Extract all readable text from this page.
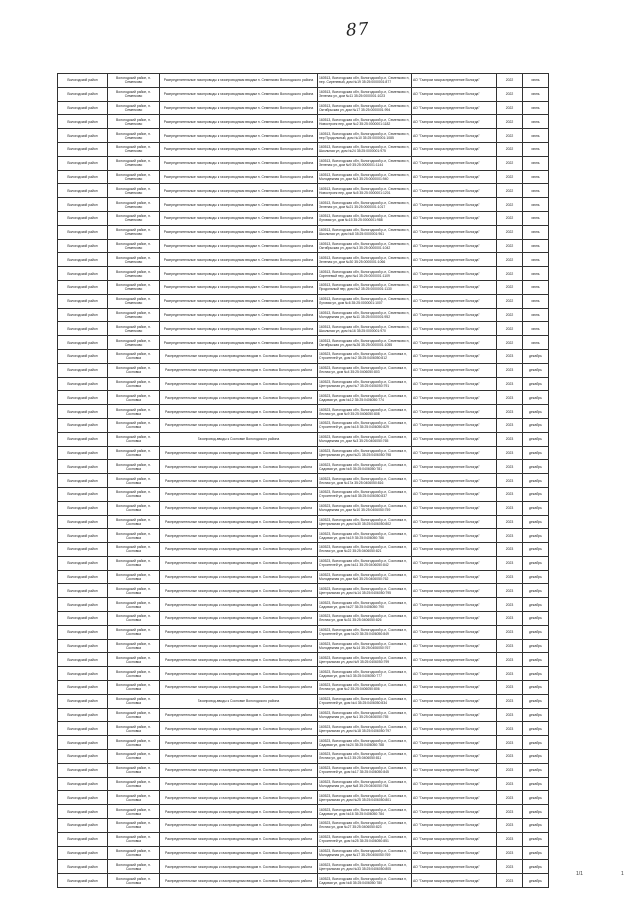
87
Вологодский район	Вологодский район, п. Семенково	Распределительные газопроводы к газопроводным вводам п. Семенково Вологодского района	160513, Вологодская обл, Вологодский р-н, Семенково п, пер. Сиреневый, дом №19 35:25:0000001:877	АО "Газпром газораспределение Вологда"	2022	июнь
Вологодский район	Вологодский район, п. Семенково	Распределительные газопроводы к газопроводным вводам п. Семенково Вологодского района	160513, Вологодская обл, Вологодский р-н, Семенково п, Зеленая ул, дом №11 35:25:0000001:1023	АО "Газпром газораспределение Вологда"	2022	июнь
Вологодский район	Вологодский район, п. Семенково	Распределительные газопроводы к газопроводным вводам п. Семенково Вологодского района	160513, Вологодская обл, Вологодский р-н, Семенково п, Октябрьская ул, дом №17 35:25:0000001:994	АО "Газпром газораспределение Вологда"	2022	июнь
Вологодский район	Вологодский район, п. Семенково	Распределительные газопроводы к газопроводным вводам п. Семенково Вологодского района	160513, Вологодская обл, Вологодский р-н, Семенково п, Новостроек пер, дом №2 35:25:0000001:1182	АО "Газпром газораспределение Вологда"	2022	июнь
Вологодский район	Вологодский район, п. Семенково	Распределительные газопроводы к газопроводным вводам п. Семенково Вологодского района	160513, Вологодская обл, Вологодский р-н, Семенково п, пер Продольный, дом №10 35:25:0000001:1085	АО "Газпром газораспределение Вологда"	2022	июнь
Вологодский район	Вологодский район, п. Семенково	Распределительные газопроводы к газопроводным вводам п. Семенково Вологодского района	160513, Вологодская обл, Вологодский р-н, Семенково п, Школьная ул, дом №24 35:25:0000001:975	АО "Газпром газораспределение Вологда"	2022	июнь
Вологодский район	Вологодский район, п. Семенково	Распределительные газопроводы к газопроводным вводам п. Семенково Вологодского района	160513, Вологодская обл, Вологодский р-н, Семенково п, Зеленая ул, дом №9 35:25:0000001:1144	АО "Газпром газораспределение Вологда"	2022	июнь
Вологодский район	Вологодский район, п. Семенково	Распределительные газопроводы к газопроводным вводам п. Семенково Вологодского района	160513, Вологодская обл, Вологодский р-н, Семенково п, Молодежная ул, дом №3 35:25:0000001:940	АО "Газпром газораспределение Вологда"	2022	июнь
Вологодский район	Вологодский район, п. Семенково	Распределительные газопроводы к газопроводным вводам п. Семенково Вологодского района	160513, Вологодская обл, Вологодский р-н, Семенково п, Новостроек пер, дом №5 35:25:0000001:1201	АО "Газпром газораспределение Вологда"	2022	июнь
Вологодский район	Вологодский район, п. Семенково	Распределительные газопроводы к газопроводным вводам п. Семенково Вологодского района	160513, Вологодская обл, Вологодский р-н, Семенково п, Зеленая ул, дом №21 35:25:0000001:1017	АО "Газпром газораспределение Вологда"	2022	июнь
Вологодский район	Вологодский район, п. Семенково	Распределительные газопроводы к газопроводным вводам п. Семенково Вологодского района	160513, Вологодская обл, Вологодский р-н, Семенково п, Луговая ул, дом №15 35:25:0000001:988	АО "Газпром газораспределение Вологда"	2022	июнь
Вологодский район	Вологодский район, п. Семенково	Распределительные газопроводы к газопроводным вводам п. Семенково Вологодского района	160513, Вологодская обл, Вологодский р-н, Семенково п, Школьная ул, дом №8 35:25:0000001:961	АО "Газпром газораспределение Вологда"	2022	июнь
Вологодский район	Вологодский район, п. Семенково	Распределительные газопроводы к газопроводным вводам п. Семенково Вологодского района	160513, Вологодская обл, Вологодский р-н, Семенково п, Октябрьская ул, дом №3 35:25:0000001:1042	АО "Газпром газораспределение Вологда"	2022	июнь
Вологодский район	Вологодский район, п. Семенково	Распределительные газопроводы к газопроводным вводам п. Семенково Вологодского района	160513, Вологодская обл, Вологодский р-н, Семенково п, Зеленая ул, дом №30 35:25:0000001:1066	АО "Газпром газораспределение Вологда"	2022	июнь
Вологодский район	Вологодский район, п. Семенково	Распределительные газопроводы к газопроводным вводам п. Семенково Вологодского района	160513, Вологодская обл, Вологодский р-н, Семенково п, Сиреневый пер, дом №4 35:25:0000001:1109	АО "Газпром газораспределение Вологда"	2022	июнь
Вологодский район	Вологодский район, п. Семенково	Распределительные газопроводы к газопроводным вводам п. Семенково Вологодского района	160513, Вологодская обл, Вологодский р-н, Семенково п, Продольный пер, дом №2 35:25:0000001:1130	АО "Газпром газораспределение Вологда"	2022	июнь
Вологодский район	Вологодский район, п. Семенково	Распределительные газопроводы к газопроводным вводам п. Семенково Вологодского района	160513, Вологодская обл, Вологодский р-н, Семенково п, Луговая ул, дом №6 35:25:0000001:1007	АО "Газпром газораспределение Вологда"	2022	июнь
Вологодский район	Вологодский район, п. Семенково	Распределительные газопроводы к газопроводным вводам п. Семенково Вологодского района	160513, Вологодская обл, Вологодский р-н, Семенково п, Молодежная ул, дом №11 35:25:0000001:952	АО "Газпром газораспределение Вологда"	2022	июнь
Вологодский район	Вологодский район, п. Семенково	Распределительные газопроводы к газопроводным вводам п. Семенково Вологодского района	160513, Вологодская обл, Вологодский р-н, Семенково п, Школьная ул, дом №16 35:25:0000001:970	АО "Газпром газораспределение Вологда"	2022	июнь
Вологодский район	Вологодский район, п. Семенково	Распределительные газопроводы к газопроводным вводам п. Семенково Вологодского района	160513, Вологодская обл, Вологодский р-н, Семенково п, Октябрьская ул, дом №26 35:25:0000001:1055	АО "Газпром газораспределение Вологда"	2022	июнь
Вологодский район	Вологодский район, п. Сосновка	Распределительные газопроводы к газопроводным вводам п. Сосновка Вологодского района	160523, Вологодская обл, Вологодский р-н, Сосновка п, Строителей ул, дом №2 35:25:0406050:812	АО "Газпром газораспределение Вологда"	2023	декабрь
Вологодский район	Вологодский район, п. Сосновка	Распределительные газопроводы к газопроводным вводам п. Сосновка Вологодского района	160523, Вологодская обл, Вологодский р-н, Сосновка п, Лесная ул, дом №4 35:25:0406050:803	АО "Газпром газораспределение Вологда"	2023	декабрь
Вологодский район	Вологодский район, п. Сосновка	Распределительные газопроводы к газопроводным вводам п. Сосновка Вологодского района	160523, Вологодская обл, Вологодский р-н, Сосновка п, Центральная ул, дом №7 35:25:0406050:791	АО "Газпром газораспределение Вологда"	2023	декабрь
Вологодский район	Вологодский район, п. Сосновка	Распределительные газопроводы к газопроводным вводам п. Сосновка Вологодского района	160523, Вологодская обл, Вологодский р-н, Сосновка п, Садовая ул, дом №12 35:25:0406050:774	АО "Газпром газораспределение Вологда"	2023	декабрь
Вологодский район	Вологодский район, п. Сосновка	Распределительные газопроводы к газопроводным вводам п. Сосновка Вологодского района	160523, Вологодская обл, Вологодский р-н, Сосновка п, Лесная ул, дом №9 35:25:0406050:808	АО "Газпром газораспределение Вологда"	2023	декабрь
Вологодский район	Вологодский район, п. Сосновка	Распределительные газопроводы к газопроводным вводам п. Сосновка Вологодского района	160523, Вологодская обл, Вологодский р-н, Сосновка п, Строителей ул, дом №15 35:25:0406050:829	АО "Газпром газораспределение Вологда"	2023	декабрь
Вологодский район	Вологодский район, п. Сосновка	Газопровод-вводы к Сосновке Вологодского района	160523, Вологодская обл, Вологодский р-н, Сосновка п, Молодежная ул, дом №3 35:25:0406050:765	АО "Газпром газораспределение Вологда"	2023	декабрь
Вологодский район	Вологодский район, п. Сосновка	Распределительные газопроводы к газопроводным вводам п. Сосновка Вологодского района	160523, Вологодская обл, Вологодский р-н, Сосновка п, Центральная ул, дом №21 35:25:0406050:798	АО "Газпром газораспределение Вологда"	2023	декабрь
Вологодский район	Вологодский район, п. Сосновка	Распределительные газопроводы к газопроводным вводам п. Сосновка Вологодского района	160523, Вологодская обл, Вологодский р-н, Сосновка п, Садовая ул, дом №5 35:25:0406050:781	АО "Газпром газораспределение Вологда"	2023	декабрь
Вологодский район	Вологодский район, п. Сосновка	Распределительные газопроводы к газопроводным вводам п. Сосновка Вологодского района	160523, Вологодская обл, Вологодский р-н, Сосновка п, Лесная ул, дом №17а 35:25:0406050:816	АО "Газпром газораспределение Вологда"	2023	декабрь
Вологодский район	Вологодский район, п. Сосновка	Распределительные газопроводы к газопроводным вводам п. Сосновка Вологодского района	160523, Вологодская обл, Вологодский р-н, Сосновка п, Строителей ул, дом №8 35:25:0406050:837	АО "Газпром газораспределение Вологда"	2023	декабрь
Вологодский район	Вологодский район, п. Сосновка	Распределительные газопроводы к газопроводным вводам п. Сосновка Вологодского района	160523, Вологодская обл, Вологодский р-н, Сосновка п, Молодежная ул, дом №10 35:25:0406050:759	АО "Газпром газораспределение Вологда"	2023	декабрь
Вологодский район	Вологодский район, п. Сосновка	Распределительные газопроводы к газопроводным вводам п. Сосновка Вологодского района	160523, Вологодская обл, Вологодский р-н, Сосновка п, Центральная ул, дом №30 35:25:0406050:802	АО "Газпром газораспределение Вологда"	2023	декабрь
Вологодский район	Вологодский район, п. Сосновка	Распределительные газопроводы к газопроводным вводам п. Сосновка Вологодского района	160523, Вологодская обл, Вологодский р-н, Сосновка п, Садовая ул, дом №19 35:25:0406050:786	АО "Газпром газораспределение Вологда"	2023	декабрь
Вологодский район	Вологодский район, п. Сосновка	Распределительные газопроводы к газопроводным вводам п. Сосновка Вологодского района	160523, Вологодская обл, Вологодский р-н, Сосновка п, Лесная ул, дом №22 35:25:0406050:821	АО "Газпром газораспределение Вологда"	2023	декабрь
Вологодский район	Вологодский район, п. Сосновка	Распределительные газопроводы к газопроводным вводам п. Сосновка Вологодского района	160523, Вологодская обл, Вологодский р-н, Сосновка п, Строителей ул, дом №11 35:25:0406050:842	АО "Газпром газораспределение Вологда"	2023	декабрь
Вологодский район	Вологодский район, п. Сосновка	Распределительные газопроводы к газопроводным вводам п. Сосновка Вологодского района	160523, Вологодская обл, Вологодский р-н, Сосновка п, Молодежная ул, дом №6 35:25:0406050:762	АО "Газпром газораспределение Вологда"	2023	декабрь
Вологодский район	Вологодский район, п. Сосновка	Распределительные газопроводы к газопроводным вводам п. Сосновка Вологодского района	160523, Вологодская обл, Вологодский р-н, Сосновка п, Центральная ул, дом №14 35:25:0406050:795	АО "Газпром газораспределение Вологда"	2023	декабрь
Вологодский район	Вологодский район, п. Сосновка	Распределительные газопроводы к газопроводным вводам п. Сосновка Вологодского района	160523, Вологодская обл, Вологодский р-н, Сосновка п, Садовая ул, дом №27 35:25:0406050:790	АО "Газпром газораспределение Вологда"	2023	декабрь
Вологодский район	Вологодский район, п. Сосновка	Распределительные газопроводы к газопроводным вводам п. Сосновка Вологодского района	160523, Вологодская обл, Вологодский р-н, Сосновка п, Лесная ул, дом №31 35:25:0406050:826	АО "Газпром газораспределение Вологда"	2023	декабрь
Вологодский район	Вологодский район, п. Сосновка	Распределительные газопроводы к газопроводным вводам п. Сосновка Вологодского района	160523, Вологодская обл, Вологодский р-н, Сосновка п, Строителей ул, дом №20 35:25:0406050:849	АО "Газпром газораспределение Вологда"	2023	декабрь
Вологодский район	Вологодский район, п. Сосновка	Распределительные газопроводы к газопроводным вводам п. Сосновка Вологодского района	160523, Вологодская обл, Вологодский р-н, Сосновка п, Молодежная ул, дом №14 35:25:0406050:767	АО "Газпром газораспределение Вологда"	2023	декабрь
Вологодский район	Вологодский район, п. Сосновка	Распределительные газопроводы к газопроводным вводам п. Сосновка Вологодского района	160523, Вологодская обл, Вологодский р-н, Сосновка п, Центральная ул, дом №9 35:25:0406050:799	АО "Газпром газораспределение Вологда"	2023	декабрь
Вологодский район	Вологодский район, п. Сосновка	Распределительные газопроводы к газопроводным вводам п. Сосновка Вологодского района	160523, Вологодская обл, Вологодский р-н, Сосновка п, Садовая ул, дом №3 35:25:0406050:777	АО "Газпром газораспределение Вологда"	2023	декабрь
Вологодский район	Вологодский район, п. Сосновка	Распределительные газопроводы к газопроводным вводам п. Сосновка Вологодского района	160523, Вологодская обл, Вологодский р-н, Сосновка п, Лесная ул, дом №2 35:25:0406050:806	АО "Газпром газораспределение Вологда"	2023	декабрь
Вологодский район	Вологодский район, п. Сосновка	Газопровод-вводы к Сосновке Вологодского района	160523, Вологодская обл, Вологодский р-н, Сосновка п, Строителей ул, дом №4 35:25:0406050:834	АО "Газпром газораспределение Вологда"	2023	декабрь
Вологодский район	Вологодский район, п. Сосновка	Распределительные газопроводы к газопроводным вводам п. Сосновка Вологодского района	160523, Вологодская обл, Вологодский р-н, Сосновка п, Молодежная ул, дом №1 35:25:0406050:755	АО "Газпром газораспределение Вологда"	2023	декабрь
Вологодский район	Вологодский район, п. Сосновка	Распределительные газопроводы к газопроводным вводам п. Сосновка Вологодского района	160523, Вологодская обл, Вологодский р-н, Сосновка п, Центральная ул, дом №18 35:25:0406050:797	АО "Газпром газораспределение Вологда"	2023	декабрь
Вологодский район	Вологодский район, п. Сосновка	Распределительные газопроводы к газопроводным вводам п. Сосновка Вологодского района	160523, Вологодская обл, Вологодский р-н, Сосновка п, Садовая ул, дом №24 35:25:0406050:788	АО "Газпром газораспределение Вологда"	2023	декабрь
Вологодский район	Вологодский район, п. Сосновка	Распределительные газопроводы к газопроводным вводам п. Сосновка Вологодского района	160523, Вологодская обл, Вологодский р-н, Сосновка п, Лесная ул, дом №13 35:25:0406050:811	АО "Газпром газораспределение Вологда"	2023	декабрь
Вологодский район	Вологодский район, п. Сосновка	Распределительные газопроводы к газопроводным вводам п. Сосновка Вологодского района	160523, Вологодская обл, Вологодский р-н, Сосновка п, Строителей ул, дом №17 35:25:0406050:845	АО "Газпром газораспределение Вологда"	2023	декабрь
Вологодский район	Вологодский район, п. Сосновка	Распределительные газопроводы к газопроводным вводам п. Сосновка Вологодского района	160523, Вологодская обл, Вологодский р-н, Сосновка п, Молодежная ул, дом №8 35:25:0406050:764	АО "Газпром газораспределение Вологда"	2023	декабрь
Вологодский район	Вологодский район, п. Сосновка	Распределительные газопроводы к газопроводным вводам п. Сосновка Вологодского района	160523, Вологодская обл, Вологодский р-н, Сосновка п, Центральная ул, дом №25 35:25:0406050:801	АО "Газпром газораспределение Вологда"	2023	декабрь
Вологодский район	Вологодский район, п. Сосновка	Распределительные газопроводы к газопроводным вводам п. Сосновка Вологодского района	160523, Вологодская обл, Вологодский р-н, Сосновка п, Садовая ул, дом №16 35:25:0406050:784	АО "Газпром газораспределение Вологда"	2023	декабрь
Вологодский район	Вологодский район, п. Сосновка	Распределительные газопроводы к газопроводным вводам п. Сосновка Вологодского района	160523, Вологодская обл, Вологодский р-н, Сосновка п, Лесная ул, дом №27 35:25:0406050:823	АО "Газпром газораспределение Вологда"	2023	декабрь
Вологодский район	Вологодский район, п. Сосновка	Распределительные газопроводы к газопроводным вводам п. Сосновка Вологодского района	160523, Вологодская обл, Вологодский р-н, Сосновка п, Строителей ул, дом №25 35:25:0406050:851	АО "Газпром газораспределение Вологда"	2023	декабрь
Вологодский район	Вологодский район, п. Сосновка	Распределительные газопроводы к газопроводным вводам п. Сосновка Вологодского района	160523, Вологодская обл, Вологодский р-н, Сосновка п, Молодежная ул, дом №17 35:25:0406050:769	АО "Газпром газораспределение Вологда"	2023	декабрь
Вологодский район	Вологодский район, п. Сосновка	Распределительные газопроводы к газопроводным вводам п. Сосновка Вологодского района	160523, Вологодская обл, Вологодский р-н, Сосновка п, Центральная ул, дом №33 35:25:0406050:805	АО "Газпром газораспределение Вологда"	2023	декабрь
Вологодский район	Вологодский район, п. Сосновка	Распределительные газопроводы к газопроводным вводам п. Сосновка Вологодского района	160523, Вологодская обл, Вологодский р-н, Сосновка п, Садовая ул, дом №8 35:25:0406050:780	АО "Газпром газораспределение Вологда"	2023	декабрь
1/1	1
